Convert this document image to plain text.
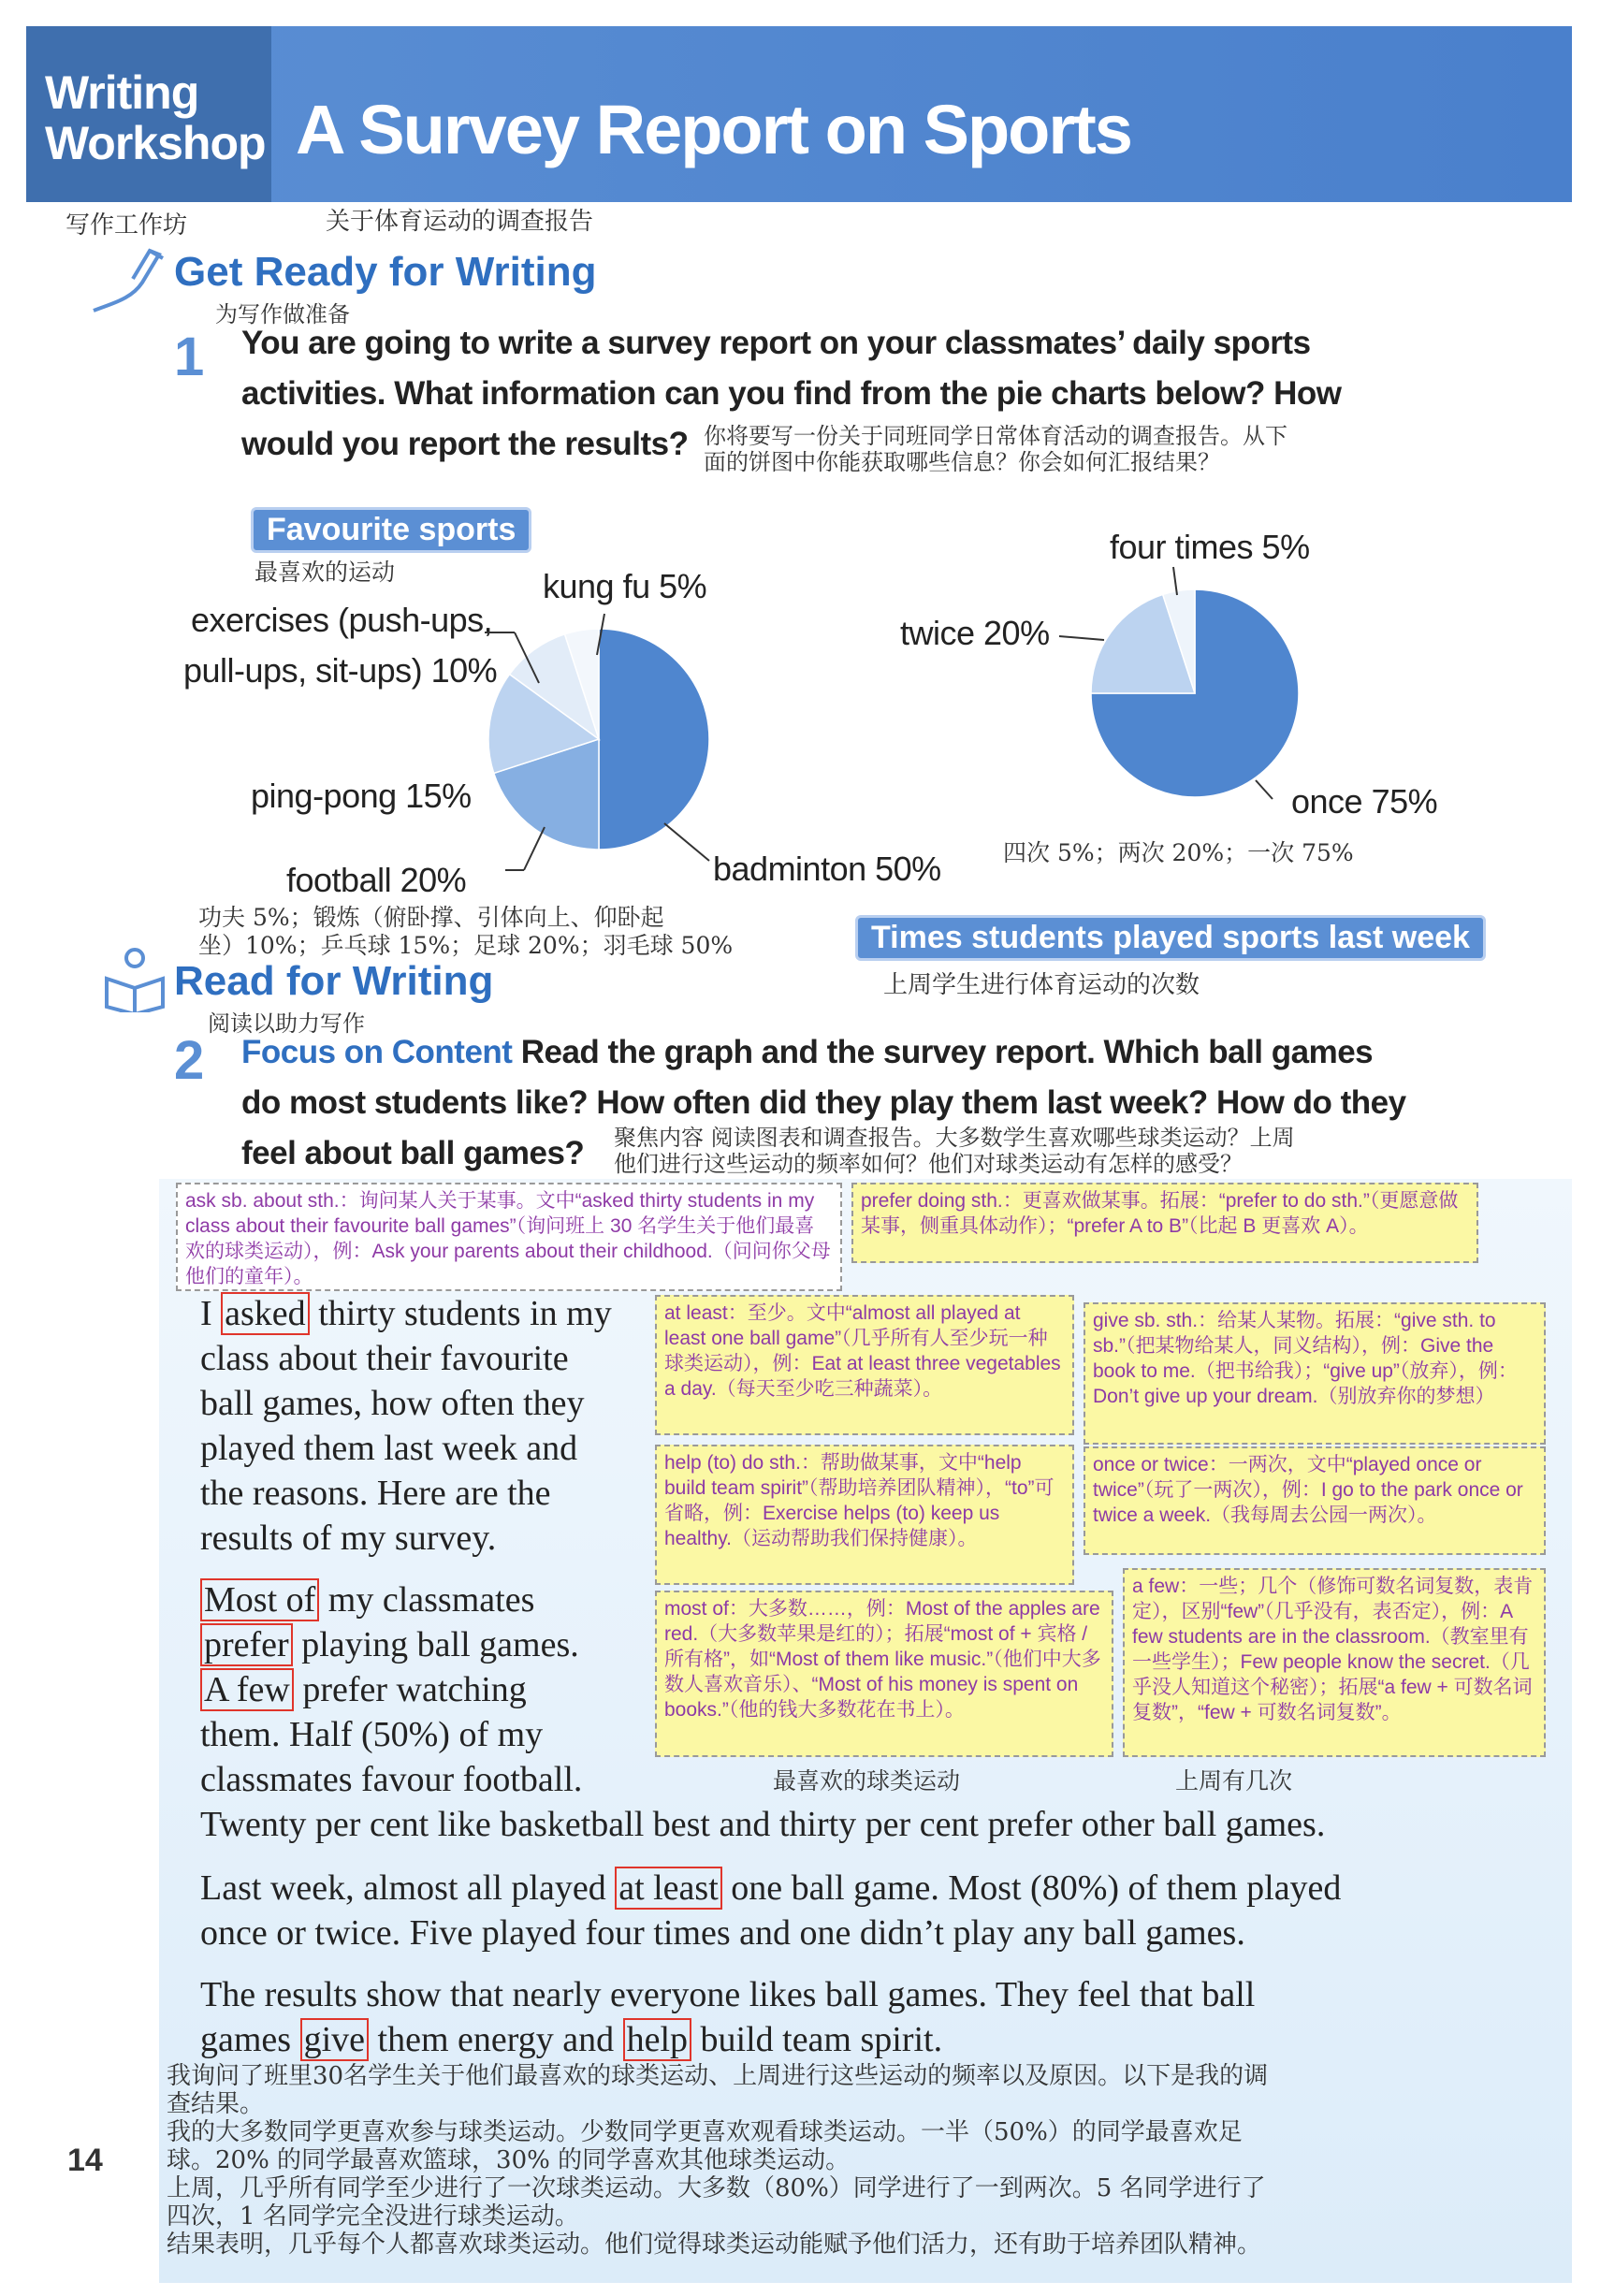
Writing
Workshop A Survey Report on Sports
写作工作坊	关于体育运动的调查报告
Get Ready for Writing
为写作做准备
1 You are going to write a survey report on your classmates’ daily sports
activities. What information can you find from the pie charts below? How
would you report the results? 你将要写一份关于同班同学日常体育活动的调查报告。从下
面的饼图中你能获取哪些信息？你会如何汇报结果？
Favourite sports
最喜欢的运动	kung fu 5%
exercises (push-ups,
pull-ups, sit-ups) 10%
ping-pong 15%
football 20%	badminton 50%
功夫 5%；锻炼（俯卧撑、引体向上、仰卧起
坐）10%；乒乓球 15%；足球 20%；羽毛球 50%
four times 5%
twice 20%
once 75%
四次 5%；两次 20%；一次 75%
Times students played sports last week
上周学生进行体育运动的次数
Read for Writing
阅读以助力写作
2 Focus on Content Read the graph and the survey report. Which ball games
do most students like? How often did they play them last week? How do they
feel about ball games?	聚焦内容 阅读图表和调查报告。大多数学生喜欢哪些球类运动？上周
他们进行这些运动的频率如何？他们对球类运动有怎样的感受？
ask sb. about sth.：询问某人关于某事。文中“asked thirty students in my class about their favourite ball games”（询问班上 30 名学生关于他们最喜欢的球类运动），例：Ask your parents about their childhood.（问问你父母他们的童年）。
prefer doing sth.：更喜欢做某事。拓展：“prefer to do sth.”（更愿意做某事，侧重具体动作）；“prefer A to B”（比起 B 更喜欢 A）。
at least：至少。文中“almost all played at least one ball game”（几乎所有人至少玩一种球类运动），例：Eat at least three vegetables a day.（每天至少吃三种蔬菜）。
give sb. sth.：给某人某物。拓展：“give sth. to sb.”（把某物给某人，同义结构），例：Give the book to me.（把书给我）；“give up”（放弃），例：Don’t give up your dream.（别放弃你的梦想）
help (to) do sth.：帮助做某事，文中“help build team spirit”（帮助培养团队精神），“to”可省略，例：Exercise helps (to) keep us healthy.（运动帮助我们保持健康）。
once or twice：一两次，文中“played once or twice”（玩了一两次），例：I go to the park once or twice a week.（我每周去公园一两次）。
most of：大多数……，例：Most of the apples are red.（大多数苹果是红的）；拓展“most of + 宾格 / 所有格”，如“Most of them like music.”（他们中大多数人喜欢音乐）、“Most of his money is spent on books.”（他的钱大多数花在书上）。
a few：一些；几个（修饰可数名词复数，表肯定），区别“few”（几乎没有，表否定），例：A few students are in the classroom.（教室里有一些学生）；Few people know the secret.（几乎没人知道这个秘密）；拓展“a few + 可数名词复数”，“few + 可数名词复数”。
I asked thirty students in my
class about their favourite
ball games, how often they
played them last week and
the reasons. Here are the
results of my survey.
Most of my classmates
prefer playing ball games.
A few prefer watching
them. Half (50%) of my
classmates favour football.	最喜欢的球类运动	上周有几次
Twenty per cent like basketball best and thirty per cent prefer other ball games.
Last week, almost all played at least one ball game. Most (80%) of them played
once or twice. Five played four times and one didn’t play any ball games.
The results show that nearly everyone likes ball games. They feel that ball
games give them energy and help build team spirit.
我询问了班里30名学生关于他们最喜欢的球类运动、上周进行这些运动的频率以及原因。以下是我的调
查结果。
我的大多数同学更喜欢参与球类运动。少数同学更喜欢观看球类运动。一半（50%）的同学最喜欢足
球。20% 的同学最喜欢篮球，30% 的同学喜欢其他球类运动。
上周，几乎所有同学至少进行了一次球类运动。大多数（80%）同学进行了一到两次。5 名同学进行了
四次，1 名同学完全没进行球类运动。
结果表明，几乎每个人都喜欢球类运动。他们觉得球类运动能赋予他们活力，还有助于培养团队精神。
14
